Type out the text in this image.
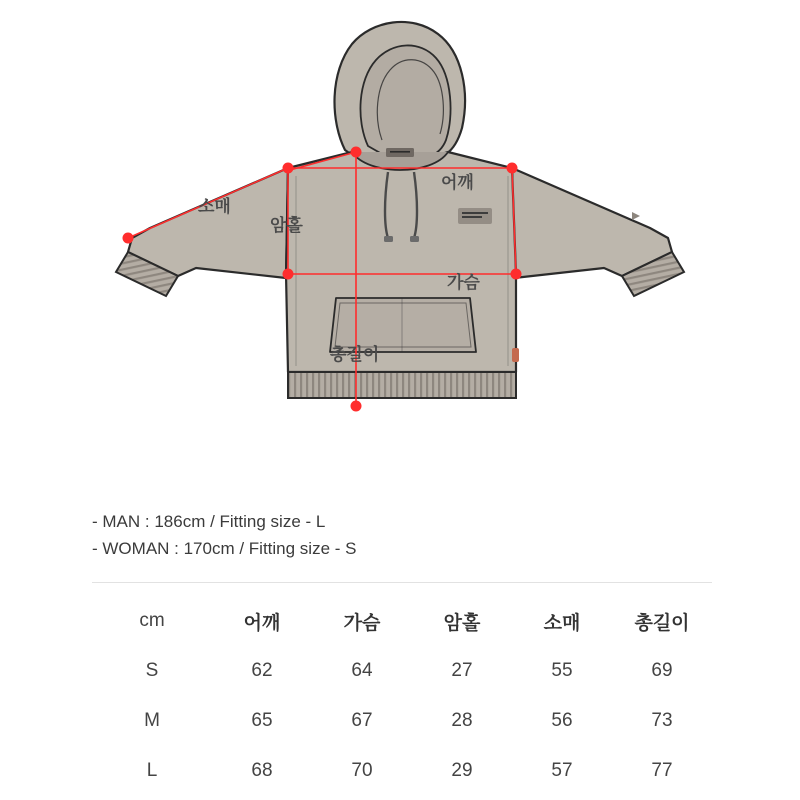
어깨
소매
암홀
가슴
총길이
- MAN : 186cm / Fitting size - L
- WOMAN : 170cm / Fitting size - S
cm	어깨	가슴	암홀	소매	총길이
S	62	64	27	55	69
M	65	67	28	56	73
L	68	70	29	57	77
